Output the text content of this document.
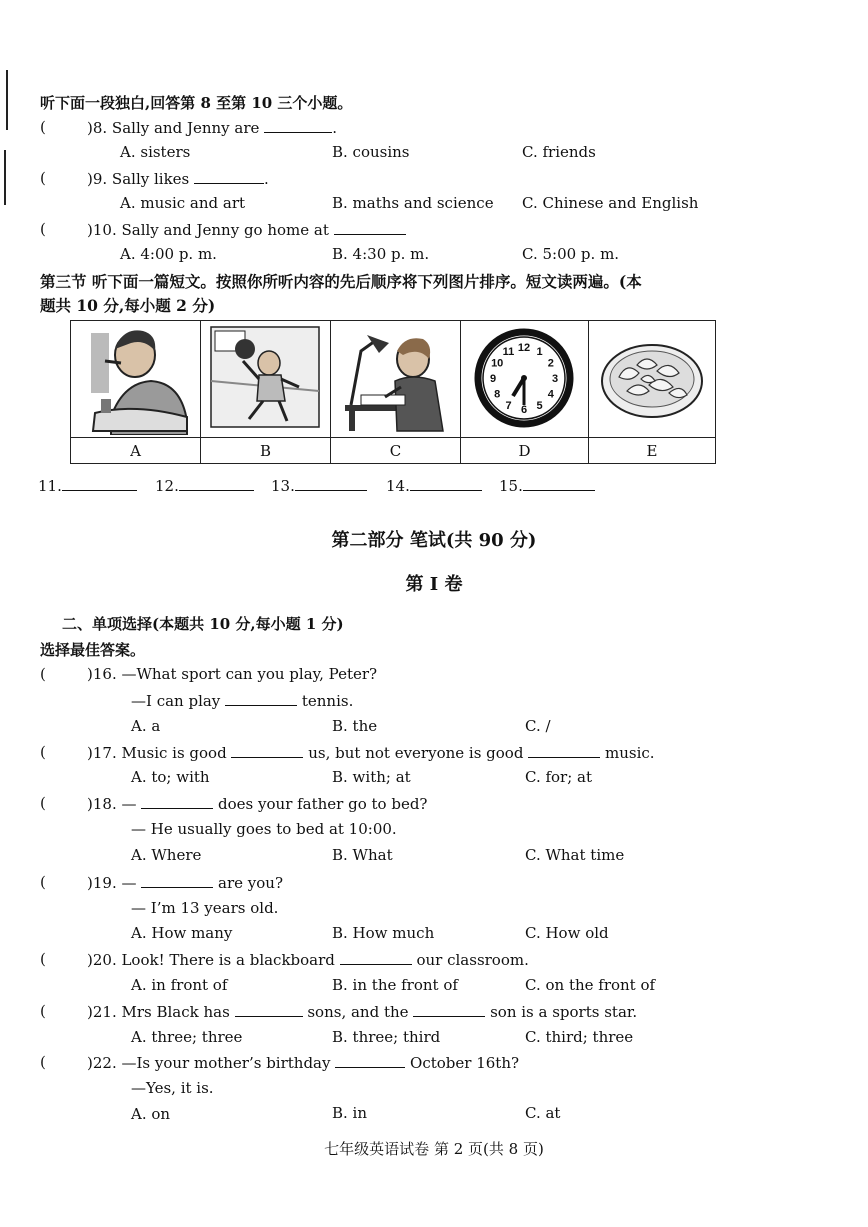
听下面一段独白,回答第 8 至第 10 三个小题。
(	)8. Sally and Jenny are	.
A. sisters	B. cousins	C. friends
(	)9. Sally likes	.
A. music and art	B. maths and science C. Chinese and English
(	)10. Sally and Jenny go home at
A. 4:00 p. m.	B. 4:30 p. m.	C. 5:00 p. m.
第三节 听下面一篇短文。按照你所听内容的先后顺序将下列图片排序。短文读两遍。(本
题共 10 分,每小题 2 分)
12 1
2
3
4
5
6
7
8
9
10
11
A	B	C	D	E
11.	12.	13.	14.	15.
第二部分 笔试(共 90 分)
第 I 卷
二、单项选择(本题共 10 分,每小题 1 分)
选择最佳答案。
(	)16. —What sport can you play, Peter?
—I can play	tennis.
A. a	B. the	C. /
(	)17. Music is good	us, but not everyone is good	music.
A. to; with	B. with; at	C. for; at
(	)18. —	does your father go to bed?
— He usually goes to bed at 10:00.
A. Where	B. What	C. What time
(	)19. —	are you?
— I’m 13 years old.
A. How many	B. How much	C. How old
(	)20. Look! There is a blackboard	our classroom.
A. in front of	B. in the front of	C. on the front of
(	)21. Mrs Black has	sons, and the	son is a sports star.
A. three; three	B. three; third	C. third; three
(	)22. —Is your mother’s birthday	October 16th?
—Yes, it is.
A. on	B. in	C. at
七年级英语试卷 第 2 页(共 8 页)
